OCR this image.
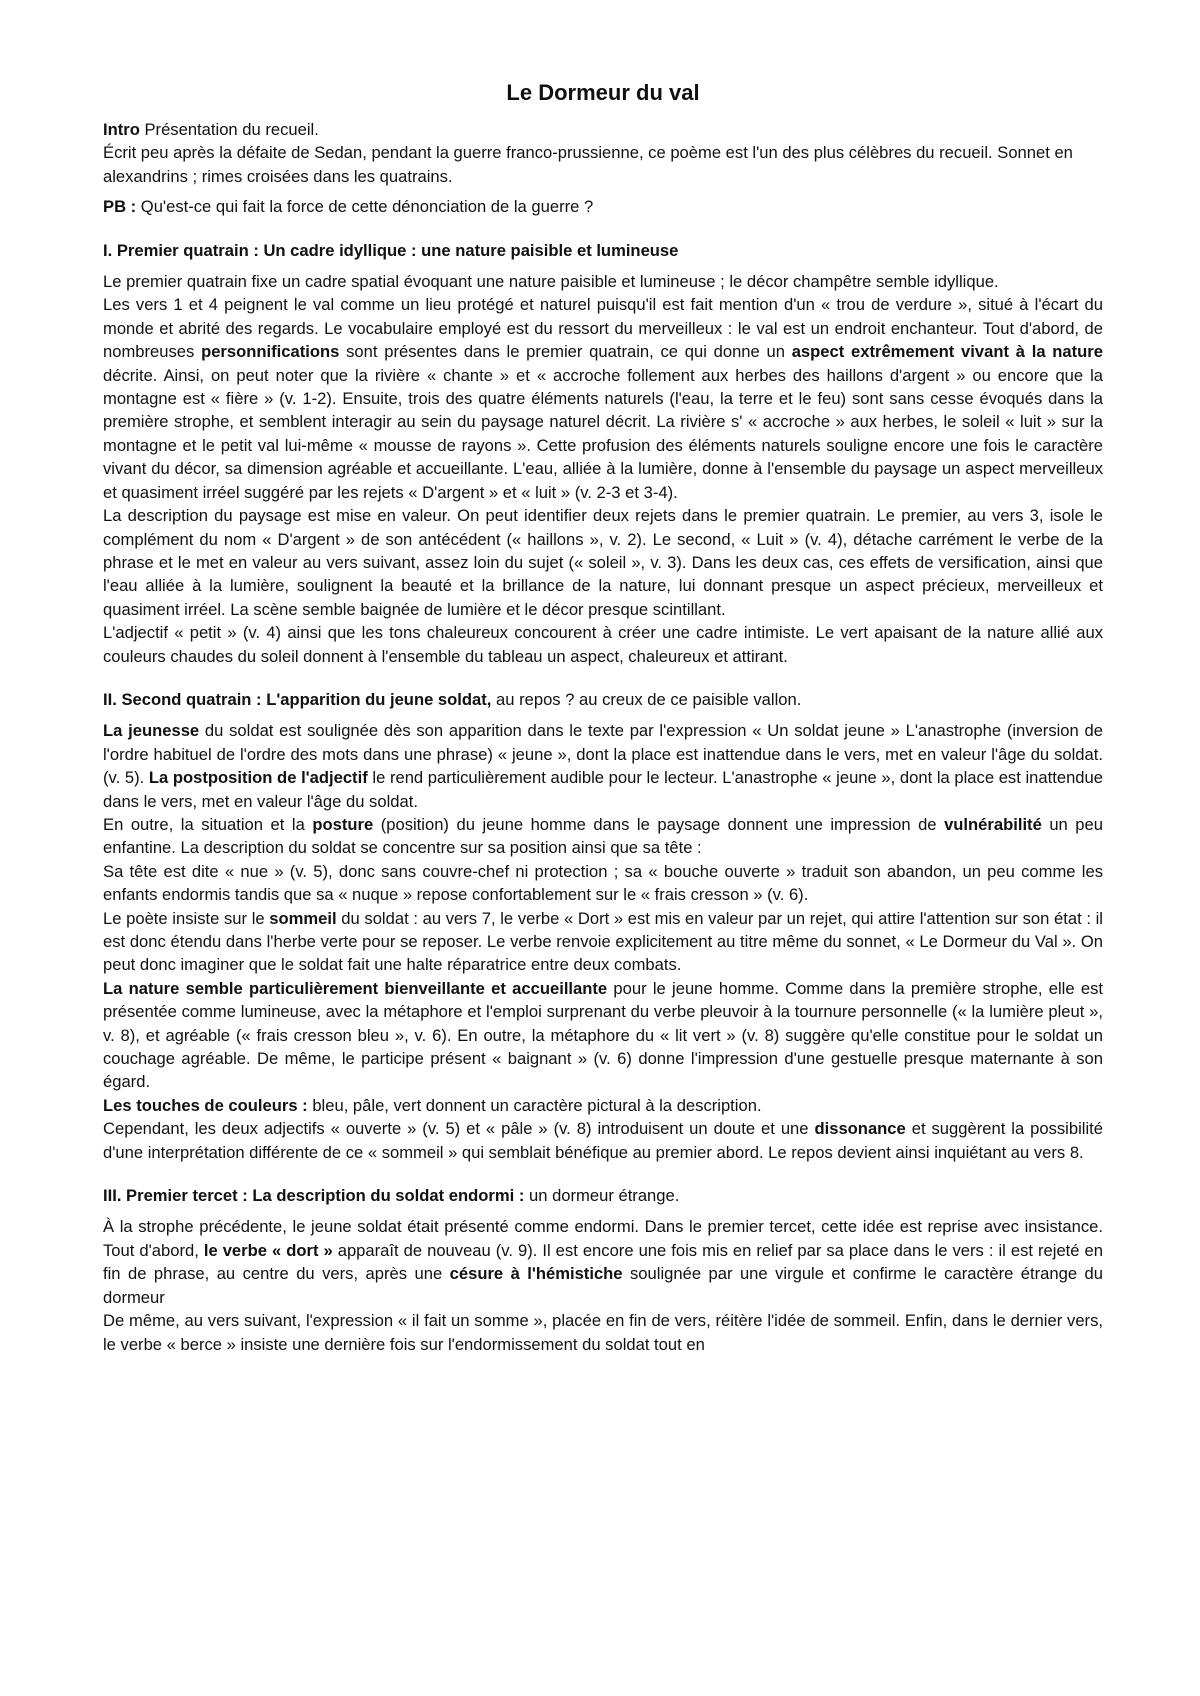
Le Dormeur du val

Intro Présentation du recueil.

Écrit peu après la défaite de Sedan, pendant la guerre franco-prussienne, ce poème est l'un des plus célèbres du recueil. Sonnet en alexandrins ; rimes croisées dans les quatrains.

PB : Qu'est-ce qui fait la force de cette dénonciation de la guerre ?

I. Premier quatrain : Un cadre idyllique : une nature paisible et lumineuse

Le premier quatrain fixe un cadre spatial évoquant une nature paisible et lumineuse ; le décor champêtre semble idyllique.

Les vers 1 et 4 peignent le val comme un lieu protégé et naturel puisqu'il est fait mention d'un « trou de verdure », situé à l'écart du monde et abrité des regards. Le vocabulaire employé est du ressort du merveilleux : le val est un endroit enchanteur. Tout d'abord, de nombreuses personnifications sont présentes dans le premier quatrain, ce qui donne un aspect extrêmement vivant à la nature décrite. Ainsi, on peut noter que la rivière « chante » et « accroche follement aux herbes des haillons d'argent » ou encore que la montagne est « fière » (v. 1-2). Ensuite, trois des quatre éléments naturels (l'eau, la terre et le feu) sont sans cesse évoqués dans la première strophe, et semblent interagir au sein du paysage naturel décrit. La rivière s' « accroche » aux herbes, le soleil « luit » sur la montagne et le petit val lui-même « mousse de rayons ». Cette profusion des éléments naturels souligne encore une fois le caractère vivant du décor, sa dimension agréable et accueillante. L'eau, alliée à la lumière, donne à l'ensemble du paysage un aspect merveilleux et quasiment irréel suggéré par les rejets « D'argent » et « luit » (v. 2-3 et 3-4).

La description du paysage est mise en valeur. On peut identifier deux rejets dans le premier quatrain. Le premier, au vers 3, isole le complément du nom « D'argent » de son antécédent (« haillons », v. 2). Le second, « Luit » (v. 4), détache carrément le verbe de la phrase et le met en valeur au vers suivant, assez loin du sujet (« soleil », v. 3). Dans les deux cas, ces effets de versification, ainsi que l'eau alliée à la lumière, soulignent la beauté et la brillance de la nature, lui donnant presque un aspect précieux, merveilleux et quasiment irréel. La scène semble baignée de lumière et le décor presque scintillant.

L'adjectif « petit » (v. 4) ainsi que les tons chaleureux concourent à créer une cadre intimiste. Le vert apaisant de la nature allié aux couleurs chaudes du soleil donnent à l'ensemble du tableau un aspect, chaleureux et attirant.

II. Second quatrain : L'apparition du jeune soldat, au repos ? au creux de ce paisible vallon.

La jeunesse du soldat est soulignée dès son apparition dans le texte par l'expression « Un soldat jeune » L'anastrophe (inversion de l'ordre habituel de l'ordre des mots dans une phrase) « jeune », dont la place est inattendue dans le vers, met en valeur l'âge du soldat. (v. 5). La postposition de l'adjectif le rend particulièrement audible pour le lecteur. L'anastrophe « jeune », dont la place est inattendue dans le vers, met en valeur l'âge du soldat.

En outre, la situation et la posture (position) du jeune homme dans le paysage donnent une impression de vulnérabilité un peu enfantine. La description du soldat se concentre sur sa position ainsi que sa tête :

Sa tête est dite « nue » (v. 5), donc sans couvre-chef ni protection ; sa « bouche ouverte » traduit son abandon, un peu comme les enfants endormis tandis que sa « nuque » repose confortablement sur le « frais cresson » (v. 6).

Le poète insiste sur le sommeil du soldat : au vers 7, le verbe « Dort » est mis en valeur par un rejet, qui attire l'attention sur son état : il est donc étendu dans l'herbe verte pour se reposer. Le verbe renvoie explicitement au titre même du sonnet, « Le Dormeur du Val ». On peut donc imaginer que le soldat fait une halte réparatrice entre deux combats.

La nature semble particulièrement bienveillante et accueillante pour le jeune homme. Comme dans la première strophe, elle est présentée comme lumineuse, avec la métaphore et l'emploi surprenant du verbe pleuvoir à la tournure personnelle (« la lumière pleut », v. 8), et agréable (« frais cresson bleu », v. 6). En outre, la métaphore du « lit vert » (v. 8) suggère qu'elle constitue pour le soldat un couchage agréable. De même, le participe présent « baignant » (v. 6) donne l'impression d'une gestuelle presque maternante à son égard.

Les touches de couleurs : bleu, pâle, vert donnent un caractère pictural à la description.

Cependant, les deux adjectifs « ouverte » (v. 5) et « pâle » (v. 8) introduisent un doute et une dissonance et suggèrent la possibilité d'une interprétation différente de ce « sommeil » qui semblait bénéfique au premier abord. Le repos devient ainsi inquiétant au vers 8.

III. Premier tercet : La description du soldat endormi : un dormeur étrange.

À la strophe précédente, le jeune soldat était présenté comme endormi. Dans le premier tercet, cette idée est reprise avec insistance. Tout d'abord, le verbe « dort » apparaît de nouveau (v. 9). Il est encore une fois mis en relief par sa place dans le vers : il est rejeté en fin de phrase, au centre du vers, après une césure à l'hémistiche soulignée par une virgule et confirme le caractère étrange du dormeur

De même, au vers suivant, l'expression « il fait un somme », placée en fin de vers, réitère l'idée de sommeil. Enfin, dans le dernier vers, le verbe « berce » insiste une dernière fois sur l'endormissement du soldat tout en
